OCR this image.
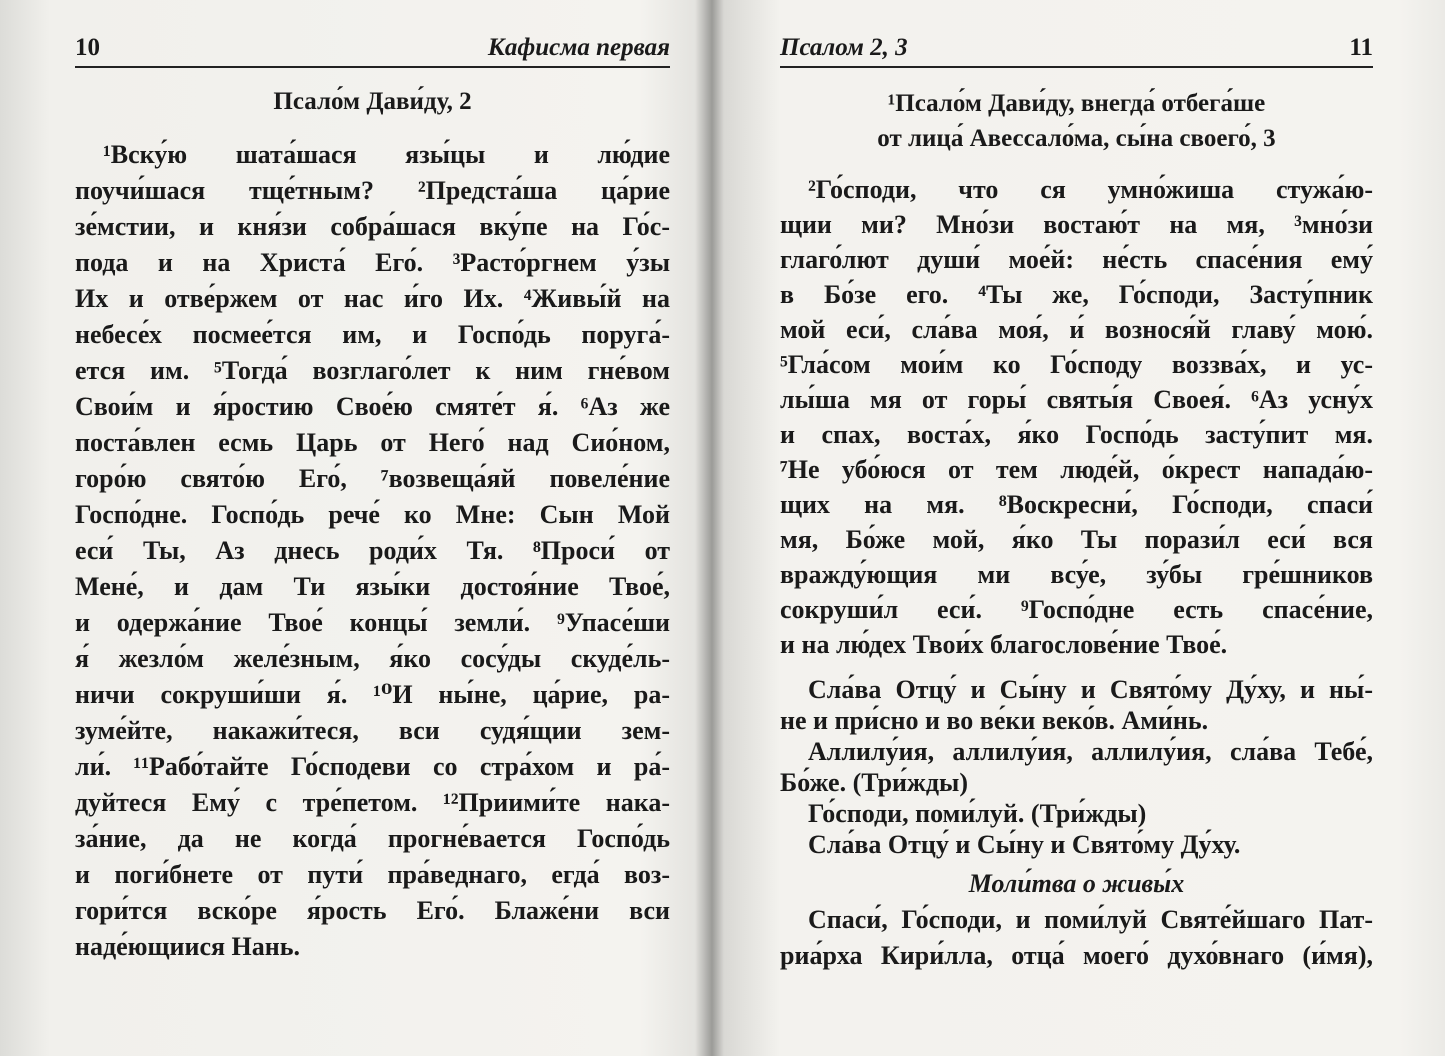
10	Кафисма первая
Псало́м Дави́ду, 2
¹Вску́ю шата́шася язы́цы и лю́дие
поучи́шася тще́тным? ²Предста́ша ца́рие
зе́мстии, и кня́зи собра́шася вку́пе на Го́с-
пода и на Христа́ Его́. ³Расто́ргнем у́зы
Их и отве́ржем от нас и́го Их. ⁴Живы́й на
небесе́х посмее́тся им, и Госпо́дь поруга́-
ется им. ⁵Тогда́ возглаго́лет к ним гне́вом
Свои́м и я́ростию Свое́ю смяте́т я́. ⁶Аз же
поста́влен есмь Царь от Него́ над Сио́ном,
горо́ю свято́ю Его́, ⁷возвеща́яй повеле́ние
Госпо́дне. Госпо́дь рече́ ко Мне: Сын Мой
еси́ Ты, Аз днесь роди́х Тя. ⁸Проси́ от
Мене́, и дам Ти язы́ки достоя́ние Твое́,
и одержа́ние Твое́ концы́ земли́. ⁹Упасе́ши
я́ жезло́м желе́зным, я́ко сосу́ды скуде́ль-
ничи сокруши́ши я́. ¹⁰И ны́не, ца́рие, ра-
зуме́йте, накажи́теся, вси судя́щии зем-
ли́. ¹¹Рабо́тайте Го́сподеви со стра́хом и ра́-
дуйтеся Ему́ с тре́петом. ¹²Приими́те нака-
за́ние, да не когда́ прогне́вается Госпо́дь
и поги́бнете от пути́ пра́веднаго, егда́ воз-
гори́тся вско́ре я́рость Его́. Блаже́ни вси
наде́ющиися Нань.
Псалом 2, 3	11
¹Псало́м Дави́ду, внегда́ отбега́ше
от лица́ Авессало́ма, сы́на своего́, 3
²Го́споди, что ся умно́жиша стужа́ю-
щии ми? Мно́зи востаю́т на мя, ³мно́зи
глаго́лют души́ мое́й: не́сть спасе́ния ему́
в Бо́зе его. ⁴Ты же, Го́споди, Засту́пник
мой еси́, сла́ва моя́, и́ вознося́й главу́ мою́.
⁵Гла́сом мои́м ко Го́споду воззва́х, и ус-
лы́ша мя от горы́ святы́я Своея́. ⁶Аз усну́х
и спах, воста́х, я́ко Госпо́дь засту́пит мя.
⁷Не убо́юся от тем люде́й, о́крест напада́ю-
щих на мя. ⁸Воскресни́, Го́споди, спаси́
мя, Бо́же мой, я́ко Ты порази́л еси́ вся
вражду́ющия ми всу́е, зу́бы гре́шников
сокруши́л еси́. ⁹Госпо́дне есть спасе́ние,
и на лю́дех Твои́х благослове́ние Твое́.
Сла́ва Отцу́ и Сы́ну и Свято́му Ду́ху, и ны́-
не и при́сно и во ве́ки веко́в. Ами́нь.
Аллилу́ия, аллилу́ия, аллилу́ия, сла́ва Тебе́,
Бо́же. (Три́жды)
Го́споди, поми́луй. (Три́жды)
Сла́ва Отцу́ и Сы́ну и Свято́му Ду́ху.
Моли́тва о живы́х
Спаси́, Го́споди, и поми́луй Святе́йшаго Пат-
риа́рха Кири́лла, отца́ моего́ духо́внаго (и́мя),
